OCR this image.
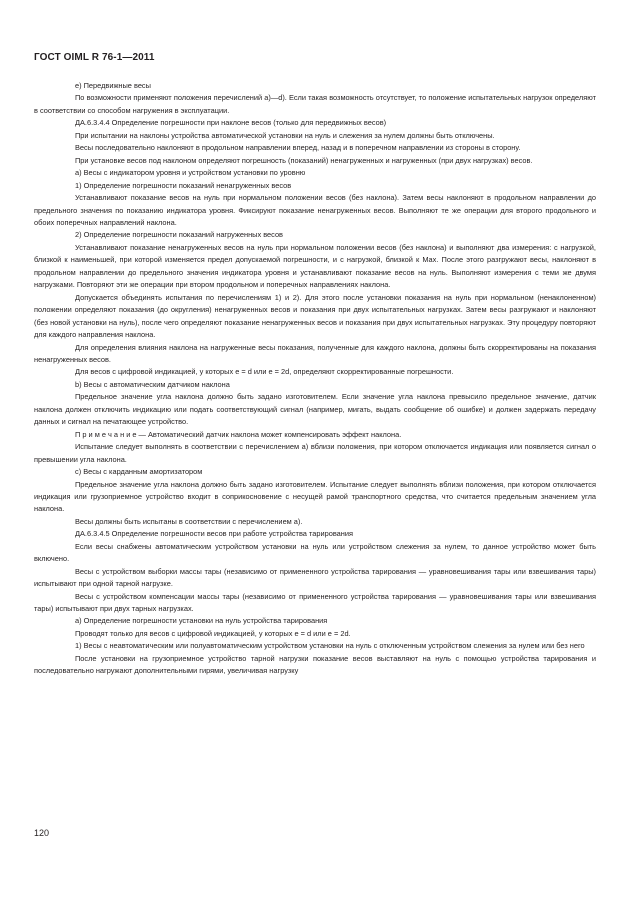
ГОСТ OIML R 76-1—2011

e) Передвижные весы

По возможности применяют положения перечислений a)—d). Если такая возможность отсутствует, то положение испытательных нагрузок определяют в соответствии со способом нагружения в эксплуатации.

ДА.6.3.4.4 Определение погрешности при наклоне весов (только для передвижных весов)

При испытании на наклоны устройства автоматической установки на нуль и слежения за нулем должны быть отключены.

Весы последовательно наклоняют в продольном направлении вперед, назад и в поперечном направлении из стороны в сторону.

При установке весов под наклоном определяют погрешность (показаний) ненагруженных и нагруженных (при двух нагрузках) весов.

a) Весы с индикатором уровня и устройством установки по уровню

1) Определение погрешности показаний ненагруженных весов

Устанавливают показание весов на нуль при нормальном положении весов (без наклона). Затем весы наклоняют в продольном направлении до предельного значения по показанию индикатора уровня. Фиксируют показание ненагруженных весов. Выполняют те же операции для второго продольного и обоих поперечных направлений наклона.

2) Определение погрешности показаний нагруженных весов

Устанавливают показание ненагруженных весов на нуль при нормальном положении весов (без наклона) и выполняют два измерения: с нагрузкой, близкой к наименьшей, при которой изменяется предел допускаемой погрешности, и с нагрузкой, близкой к Max. После этого разгружают весы, наклоняют в продольном направлении до предельного значения индикатора уровня и устанавливают показание весов на нуль. Выполняют измерения с теми же двумя нагрузками. Повторяют эти же операции при втором продольном и поперечных направлениях наклона.

Допускается объединять испытания по перечислениям 1) и 2). Для этого после установки показания на нуль при нормальном (ненаклоненном) положении определяют показания (до округления) ненагруженных весов и показания при двух испытательных нагрузках. Затем весы разгружают и наклоняют (без новой установки на нуль), после чего определяют показание ненагруженных весов и показания при двух испытательных нагрузках. Эту процедуру повторяют для каждого направления наклона.

Для определения влияния наклона на нагруженные весы показания, полученные для каждого наклона, должны быть скорректированы на показания ненагруженных весов.

Для весов с цифровой индикацией, у которых e = d или e = 2d, определяют скорректированные погрешности.

b) Весы с автоматическим датчиком наклона

Предельное значение угла наклона должно быть задано изготовителем. Если значение угла наклона превысило предельное значение, датчик наклона должен отключить индикацию или подать соответствующий сигнал (например, мигать, выдать сообщение об ошибке) и должен задержать передачу данных и сигнал на печатающее устройство.

П р и м е ч а н и е — Автоматический датчик наклона может компенсировать эффект наклона.

Испытание следует выполнять в соответствии с перечислением а) вблизи положения, при котором отключается индикация или появляется сигнал о превышении угла наклона.

c) Весы с карданным амортизатором

Предельное значение угла наклона должно быть задано изготовителем. Испытание следует выполнять вблизи положения, при котором отключается индикация или грузоприемное устройство входит в соприкосновение с несущей рамой транспортного средства, что считается предельным значением угла наклона.

Весы должны быть испытаны в соответствии с перечислением а).

ДА.6.3.4.5 Определение погрешности весов при работе устройства тарирования

Если весы снабжены автоматическим устройством установки на нуль или устройством слежения за нулем, то данное устройство может быть включено.

Весы с устройством выборки массы тары (независимо от примененного устройства тарирования — уравновешивания тары или взвешивания тары) испытывают при одной тарной нагрузке.

Весы с устройством компенсации массы тары (независимо от примененного устройства тарирования — уравновешивания тары или взвешивания тары) испытывают при двух тарных нагрузках.

a) Определение погрешности установки на нуль устройства тарирования

Проводят только для весов с цифровой индикацией, у которых e = d или e = 2d.

1) Весы с неавтоматическим или полуавтоматическим устройством установки на нуль с отключенным устройством слежения за нулем или без него

После установки на грузоприемное устройство тарной нагрузки показание весов выставляют на нуль с помощью устройства тарирования и последовательно нагружают дополнительными гирями, увеличивая нагрузку

120
